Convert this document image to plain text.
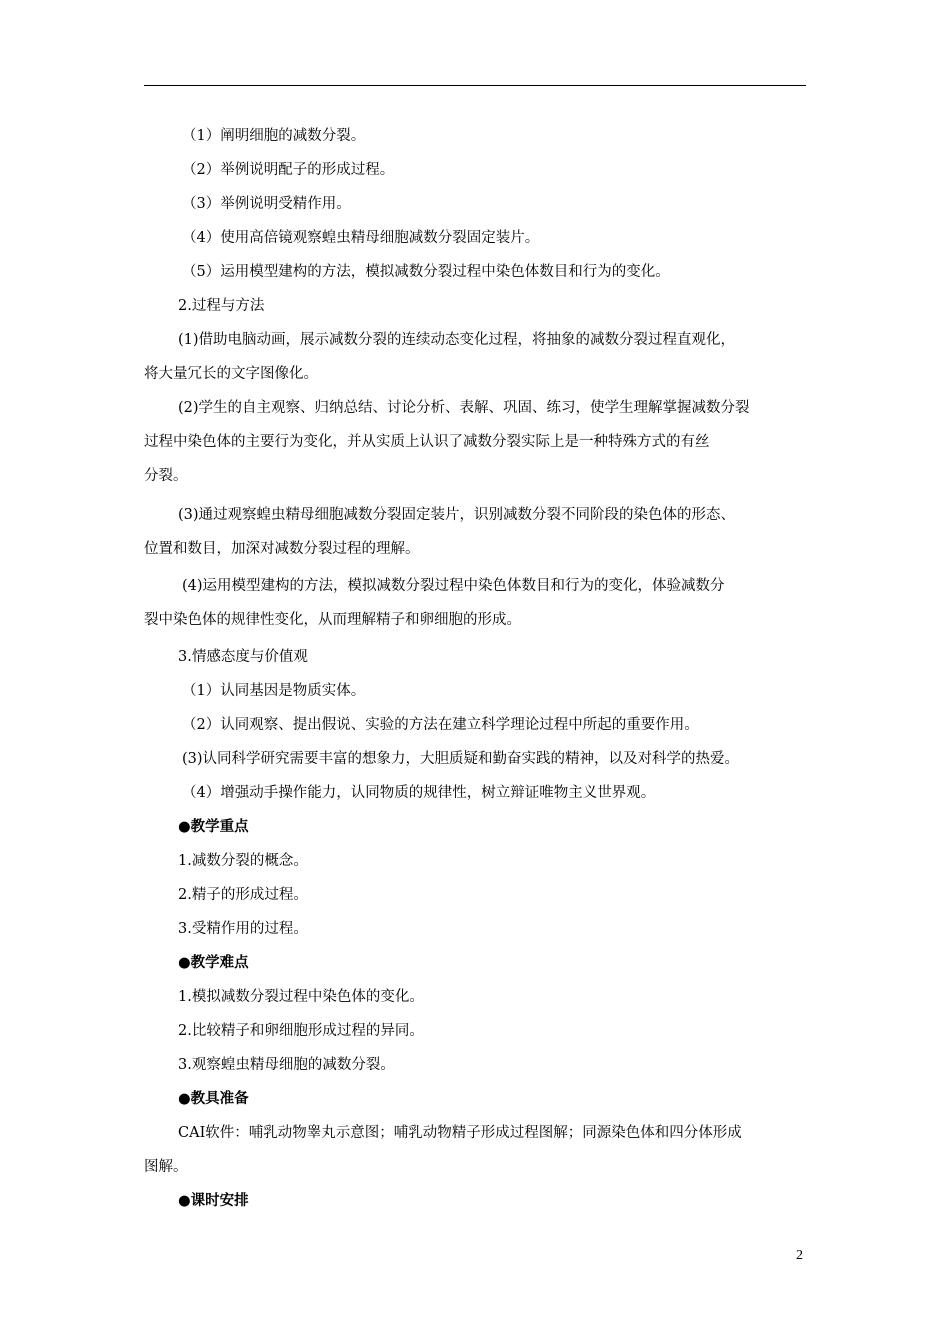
（1）阐明细胞的减数分裂。
（2）举例说明配子的形成过程。
（3）举例说明受精作用。
（4）使用高倍镜观察蝗虫精母细胞减数分裂固定装片。
（5）运用模型建构的方法，模拟减数分裂过程中染色体数目和行为的变化。
2.过程与方法
(1)借助电脑动画，展示减数分裂的连续动态变化过程，将抽象的减数分裂过程直观化，
将大量冗长的文字图像化。
(2)学生的自主观察、归纳总结、讨论分析、表解、巩固、练习，使学生理解掌握减数分裂
过程中染色体的主要行为变化，并从实质上认识了减数分裂实际上是一种特殊方式的有丝
分裂。
(3)通过观察蝗虫精母细胞减数分裂固定装片，识别减数分裂不同阶段的染色体的形态、
位置和数目，加深对减数分裂过程的理解。
(4)运用模型建构的方法，模拟减数分裂过程中染色体数目和行为的变化，体验减数分
裂中染色体的规律性变化，从而理解精子和卵细胞的形成。
3.情感态度与价值观
（1）认同基因是物质实体。
（2）认同观察、提出假说、实验的方法在建立科学理论过程中所起的重要作用。
(3)认同科学研究需要丰富的想象力，大胆质疑和勤奋实践的精神，以及对科学的热爱。
（4）增强动手操作能力，认同物质的规律性，树立辩证唯物主义世界观。
●教学重点
1.减数分裂的概念。
2.精子的形成过程。
3.受精作用的过程。
●教学难点
1.模拟减数分裂过程中染色体的变化。
2.比较精子和卵细胞形成过程的异同。
3.观察蝗虫精母细胞的减数分裂。
●教具准备
CAI软件：哺乳动物睾丸示意图；哺乳动物精子形成过程图解；同源染色体和四分体形成
图解。
●课时安排
2
